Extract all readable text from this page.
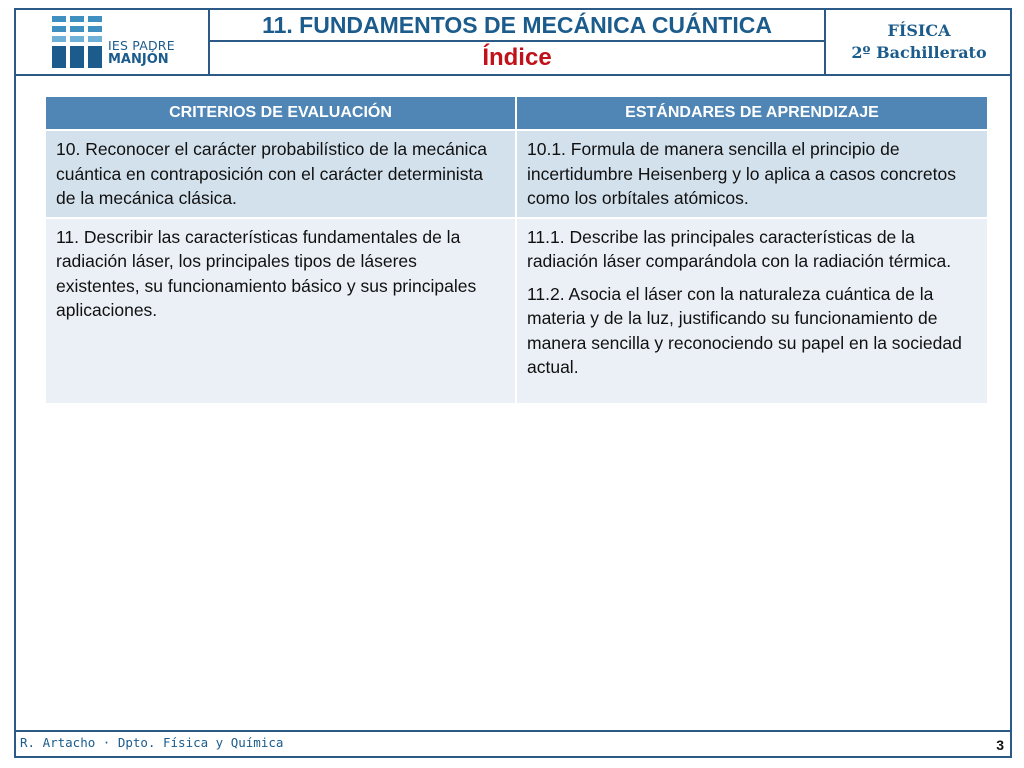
IES PADRE
MANJÓN
11. FUNDAMENTOS DE MECÁNICA CUÁNTICA
Índice
FÍSICA
2º Bachillerato
CRITERIOS DE EVALUACIÓN	ESTÁNDARES DE APRENDIZAJE

10. Reconocer el carácter probabilístico de la mecánica cuántica en contraposición con el carácter determinista de la mecánica clásica.	10.1. Formula de manera sencilla el principio de incertidumbre Heisenberg y lo aplica a casos concretos como los orbítales atómicos.

11. Describir las características fundamentales de la radiación láser, los principales tipos de láseres existentes, su funcionamiento básico y sus principales aplicaciones.	11.1. Describe las principales características de la radiación láser comparándola con la radiación térmica.

11.2. Asocia el láser con la naturaleza cuántica de la materia y de la luz, justificando su funcionamiento de manera sencilla y reconociendo su papel en la sociedad actual.

R. Artacho · Dpto. Física y Química	3
